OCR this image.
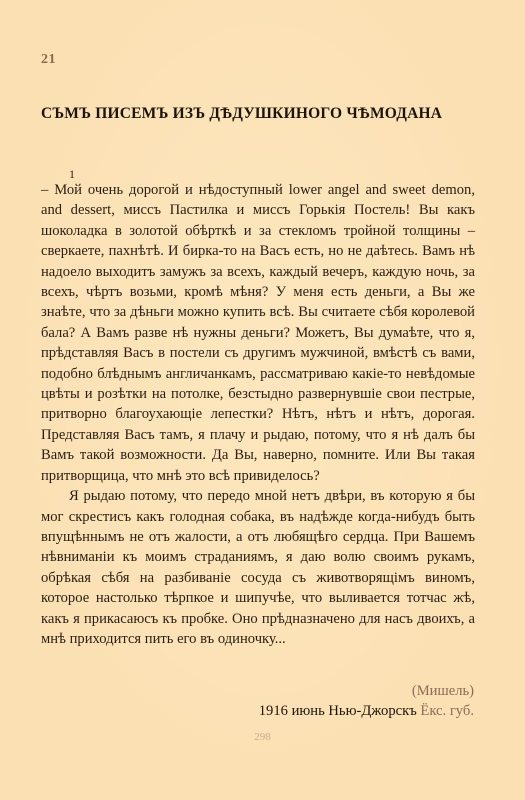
21
СЪМЪ ПИСЕМЪ ИЗЪ ДѢДУШКИНОГО ЧѢМОДАНА
1

– Мой очень дорогой и нѣдоступный lower angel and sweet demon, and dessert, миссъ Пастилка и миссъ Горькiя Постель! Вы какъ шоколадка в золотой обѣрткѣ и за стекломъ тройной толщины – сверкаете, пахнѣтѣ. И бирка-то на Васъ есть, но не даѣтесь. Вамъ нѣ надоело выходитъ замужъ за всехъ, каждый вечеръ, каждую ночь, за всехъ, чѣртъ возьми, кромѣ мѣня? У меня есть деньги, а Вы же знаѣте, что за дѣньги можно купить всѣ. Вы считаете сѣбя королевой бала? А Вамъ разве нѣ нужны деньги? Можетъ, Вы думаѣте, что я, прѣдставляя Васъ в постели съ другимъ мужчиной, вмѣстѣ съ вами, подобно блѣднымъ англичанкамъ, рассматриваю какiе-то невѣдомые цвѣты и розѣтки на потолке, безстыдно развернувшiе свои пестрые, притворно благоухающiе лепестки? Нѣтъ, нѣтъ и нѣтъ, дорогая. Представляя Васъ тамъ, я плачу и рыдаю, потому, что я нѣ далъ бы Вамъ такой возможности. Да Вы, наверно, помните. Или Вы такая притворщица, что мнѣ это всѣ привиделось?

Я рыдаю потому, что передо мной нетъ двѣри, въ которую я бы мог скрестисъ какъ голодная собака, въ надѣжде когда-нибудъ быть впущѣннымъ не отъ жалости, а отъ любящѣго сердца. При Вашемъ нѣвниманiи къ моимъ страданиямъ, я даю волю своимъ рукамъ, обрѣкая сѣбя на разбиванiе сосуда съ животворящiмъ виномъ, которое настолько тѣрпкое и шипучѣе, что выливается тотчас жѣ, какъ я прикасаюсъ къ пробке. Оно прѣдназначено для насъ двоихъ, а мнѣ приходится пить его въ одиночку...

(Мишель)
1916 июнь Нью-Джорскъ Ёкс. губ.
298
